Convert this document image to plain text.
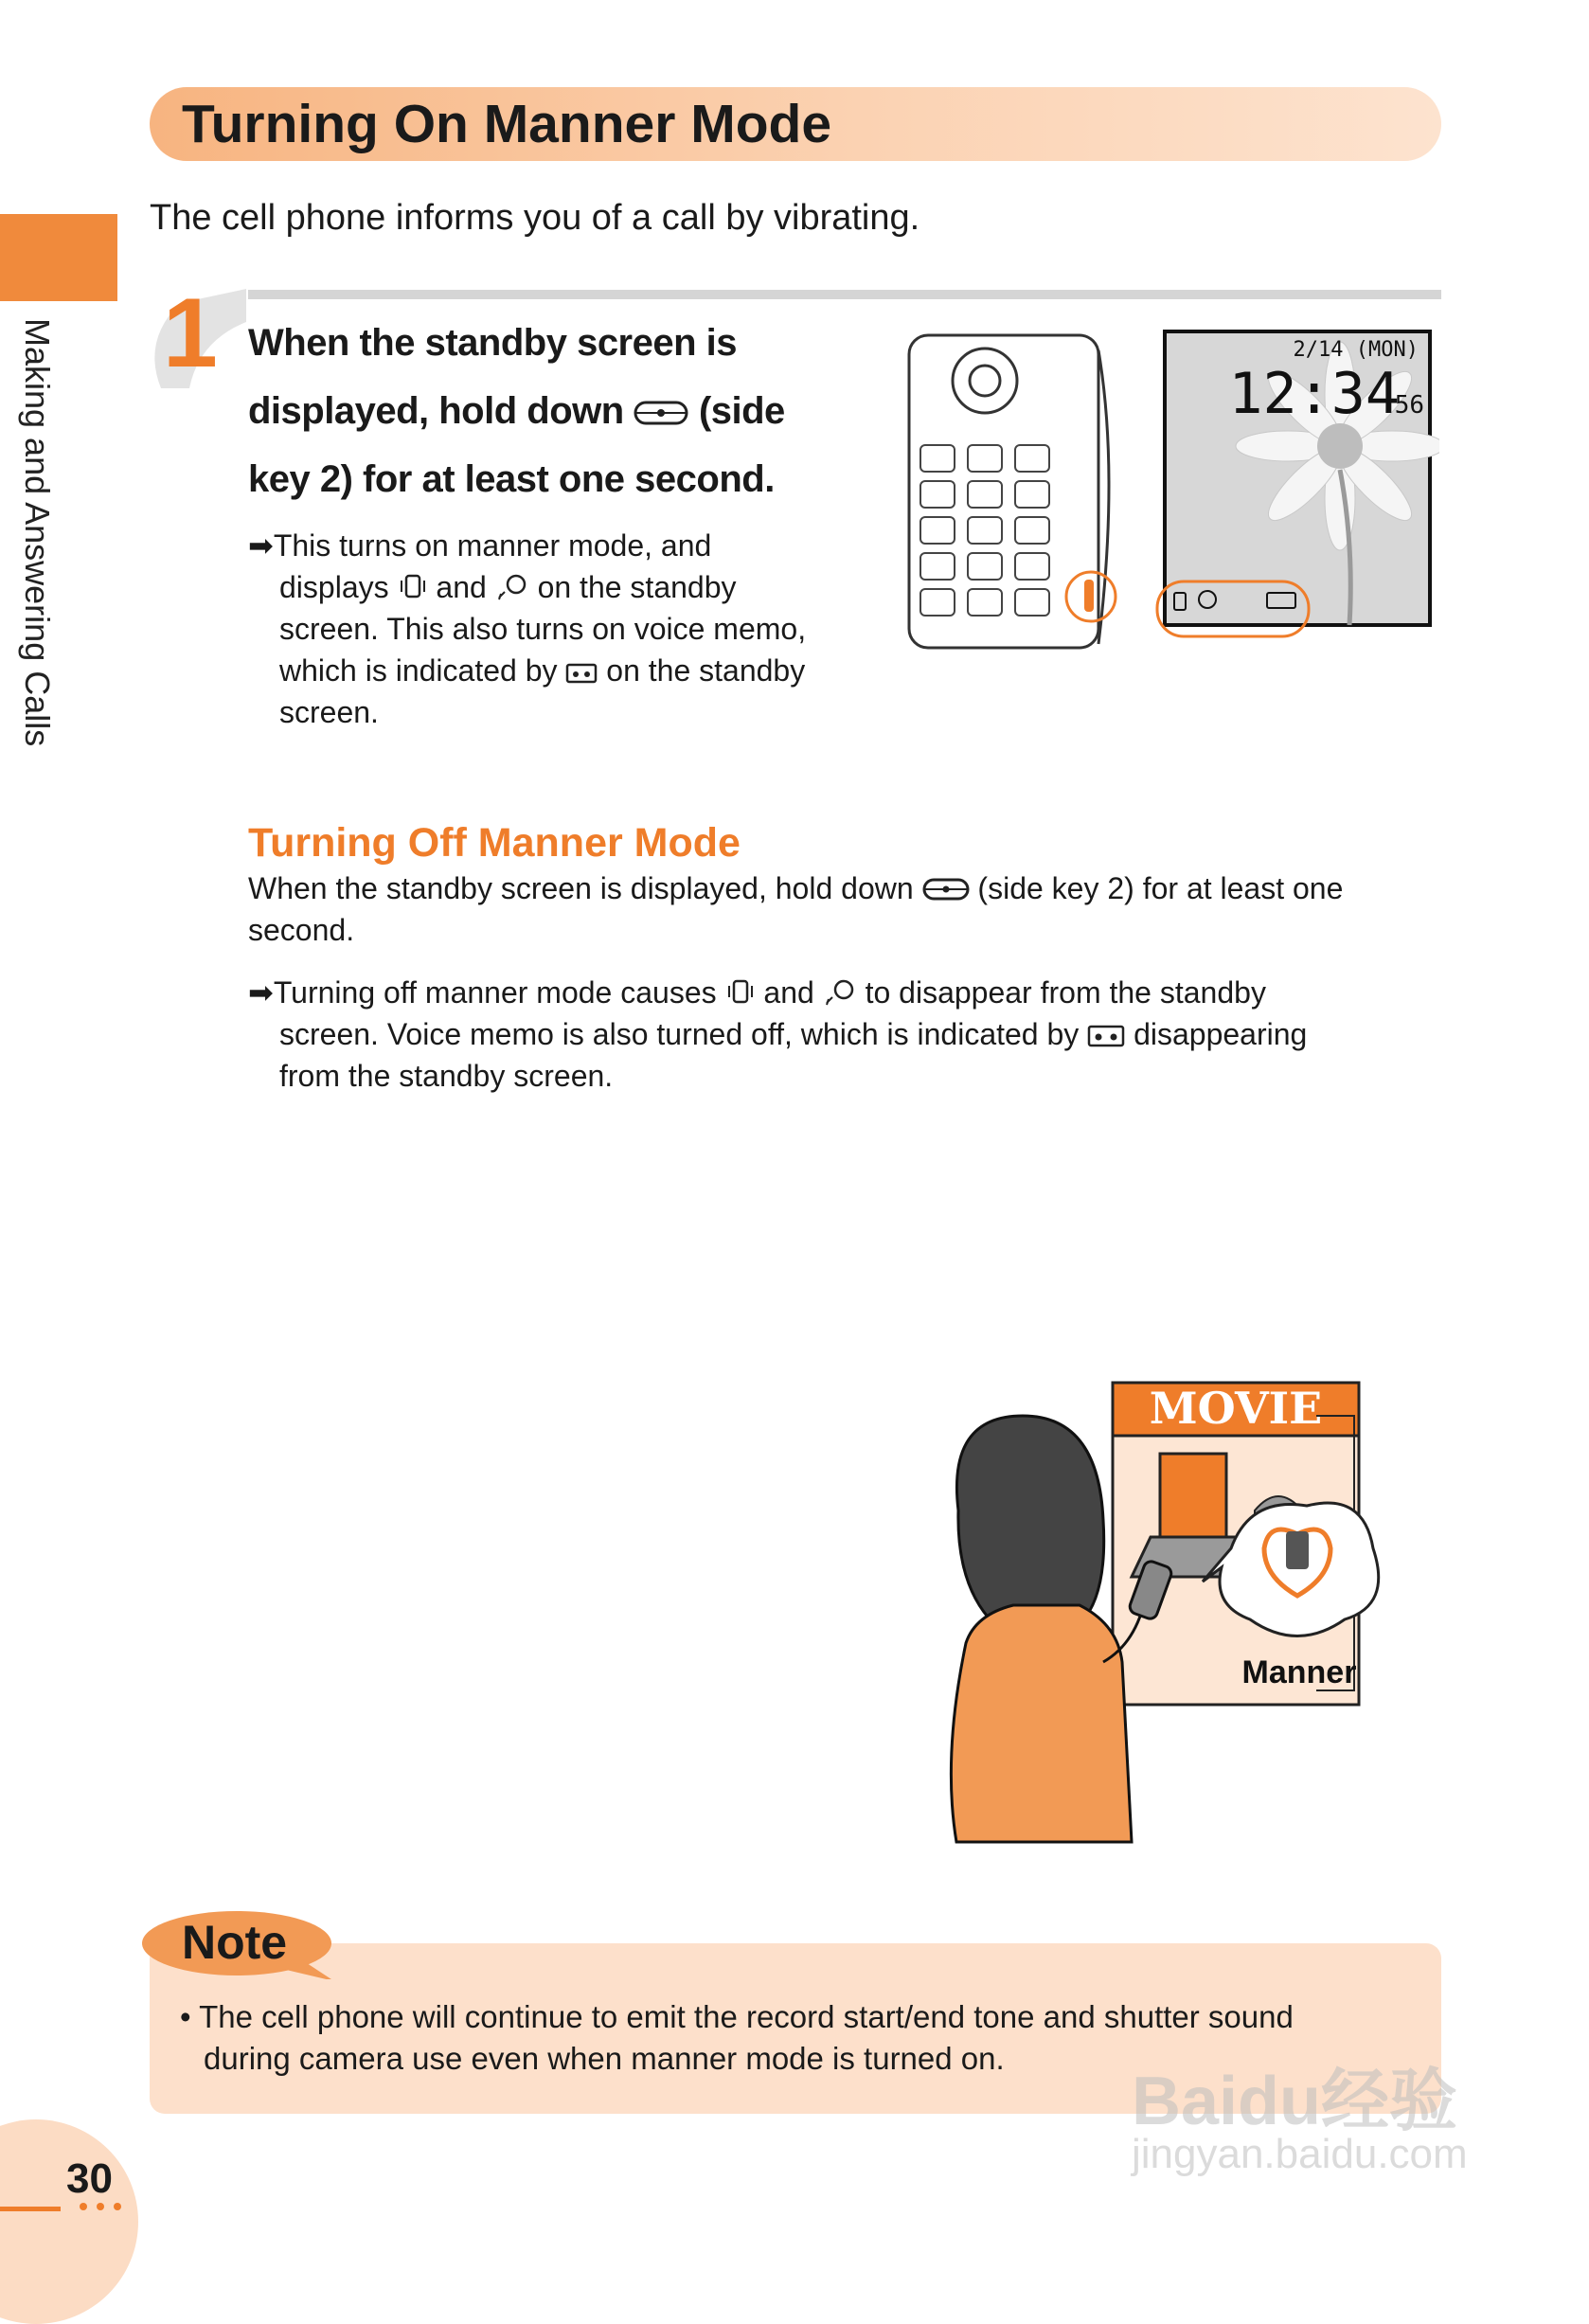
Turning On Manner Mode
The cell phone informs you of a call by vibrating.
Making and Answering Calls 1 When the standby screen is
displayed, hold down (side
key 2) for at least one second.
➡This turns on manner mode, and
displays and on the standby
screen. This also turns on voice memo,
which is indicated by on the standby
screen.
2/14 (MON)
12:34
56
Turning Off Manner Mode
When the standby screen is displayed, hold down (side key 2) for at least one
second.
➡Turning off manner mode causes and to disappear from the standby
screen. Voice memo is also turned off, which is indicated by disappearing
from the standby screen.
MOVIE
Manner
Note
• The cell phone will continue to emit the record start/end tone and shutter sound
during camera use even when manner mode is turned on.
30
Baidu经验
jingyan.baidu.com
